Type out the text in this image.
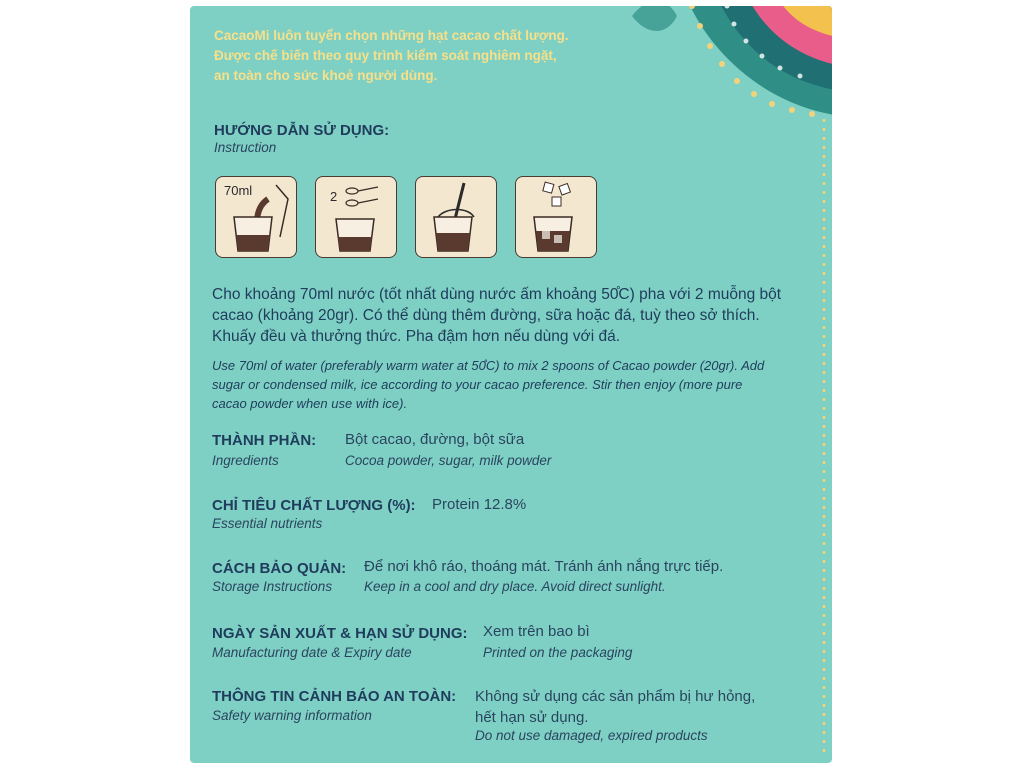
CacaoMi luôn tuyển chọn những hạt cacao chất lượng.
Được chế biến theo quy trình kiểm soát nghiêm ngặt,
an toàn cho sức khoẻ người dùng.
HƯỚNG DẪN SỬ DỤNG:
Instruction
70ml	2
Cho khoảng 70ml nước (tốt nhất dùng nước ấm khoảng 50̊C) pha với 2 muỗng bột
cacao (khoảng 20gr). Có thể dùng thêm đường, sữa hoặc đá, tuỳ theo sở thích.
Khuấy đều và thưởng thức. Pha đậm hơn nếu dùng với đá.
Use 70ml of water (preferably warm water at 50̊C) to mix 2 spoons of Cacao powder (20gr). Add
sugar or condensed milk, ice according to your cacao preference. Stir then enjoy (more pure
cacao powder when use with ice).
THÀNH PHẦN:
Ingredients
Bột cacao, đường, bột sữa
Cocoa powder, sugar, milk powder
CHỈ TIÊU CHẤT LƯỢNG (%):
Essential nutrients
Protein 12.8%
CÁCH BẢO QUẢN:
Storage Instructions
Để nơi khô ráo, thoáng mát. Tránh ánh nắng trực tiếp.
Keep in a cool and dry place. Avoid direct sunlight.
NGÀY SẢN XUẤT & HẠN SỬ DỤNG:
Manufacturing date & Expiry date
Xem trên bao bì
Printed on the packaging
THÔNG TIN CẢNH BÁO AN TOÀN:
Safety warning information
Không sử dụng các sản phẩm bị hư hỏng,
hết hạn sử dụng.
Do not use damaged, expired products
